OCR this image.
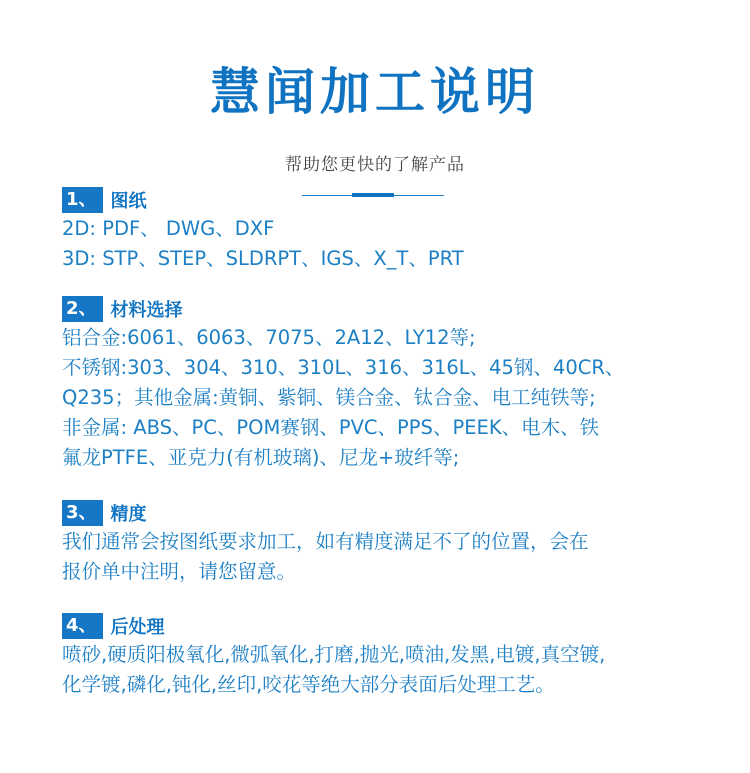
慧闻加工说明
帮助您更快的了解产品
1、 图纸
2D: PDF、 DWG、DXF
3D: STP、STEP、SLDRPT、IGS、X_T、PRT
2、 材料选择
铝合金:6061、6063、7075、2A12、LY12等;
不锈钢:303、304、310、310L、316、316L、45钢、40CR、
Q235；其他金属:黄铜、紫铜、镁合金、钛合金、电工纯铁等;
非金属: ABS、PC、POM赛钢、PVC、PPS、PEEK、电木、铁
氟龙PTFE、亚克力(有机玻璃)、尼龙+玻纤等;
3、 精度
我们通常会按图纸要求加工，如有精度满足不了的位置，会在
报价单中注明，请您留意。
4、 后处理
喷砂,硬质阳极氧化,微弧氧化,打磨,抛光,喷油,发黑,电镀,真空镀,
化学镀,磷化,钝化,丝印,咬花等绝大部分表面后处理工艺。
